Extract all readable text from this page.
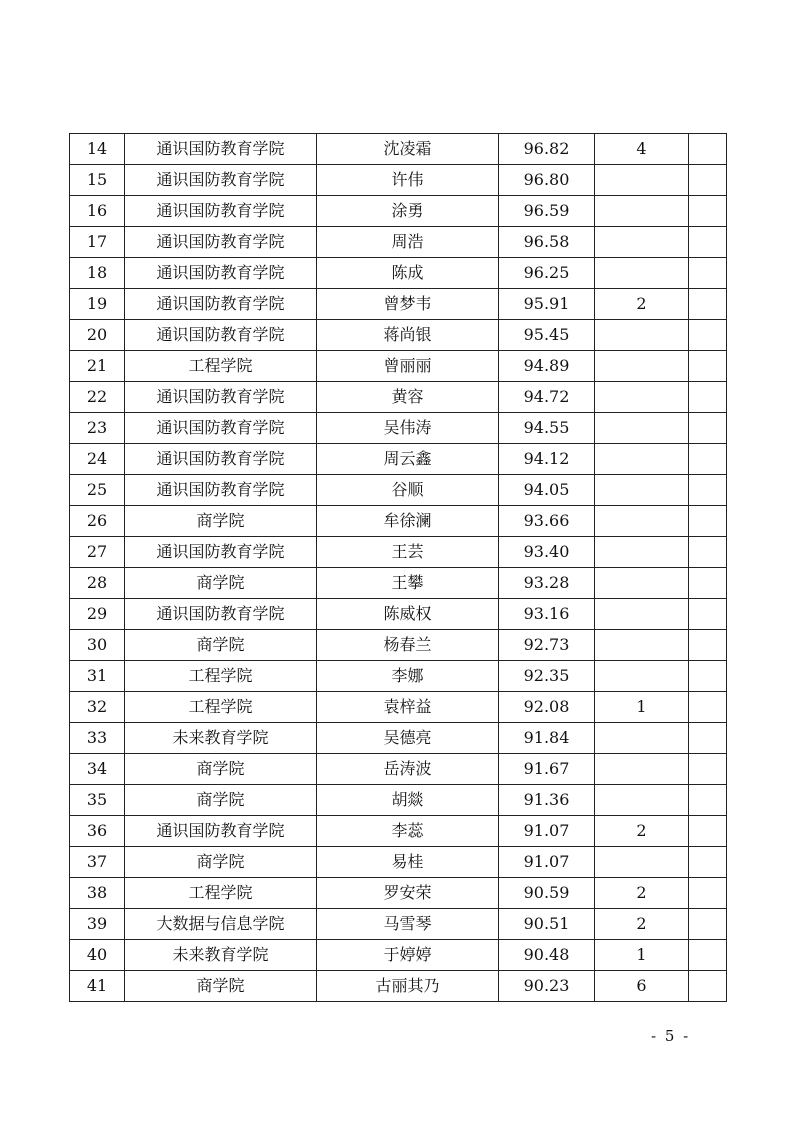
14	通识国防教育学院	沈凌霜	96.82	4	
15	通识国防教育学院	许伟	96.80		
16	通识国防教育学院	涂勇	96.59		
17	通识国防教育学院	周浩	96.58		
18	通识国防教育学院	陈成	96.25		
19	通识国防教育学院	曾梦韦	95.91	2	
20	通识国防教育学院	蒋尚银	95.45		
21	工程学院	曾丽丽	94.89		
22	通识国防教育学院	黄容	94.72		
23	通识国防教育学院	吴伟涛	94.55		
24	通识国防教育学院	周云鑫	94.12		
25	通识国防教育学院	谷顺	94.05		
26	商学院	牟徐澜	93.66		
27	通识国防教育学院	王芸	93.40		
28	商学院	王攀	93.28		
29	通识国防教育学院	陈威权	93.16		
30	商学院	杨春兰	92.73		
31	工程学院	李娜	92.35		
32	工程学院	袁梓益	92.08	1	
33	未来教育学院	吴德亮	91.84		
34	商学院	岳涛波	91.67		
35	商学院	胡燚	91.36		
36	通识国防教育学院	李蕊	91.07	2	
37	商学院	易桂	91.07		
38	工程学院	罗安荣	90.59	2	
39	大数据与信息学院	马雪琴	90.51	2	
40	未来教育学院	于婷婷	90.48	1	
41	商学院	古丽其乃	90.23	6	
- 5 -
